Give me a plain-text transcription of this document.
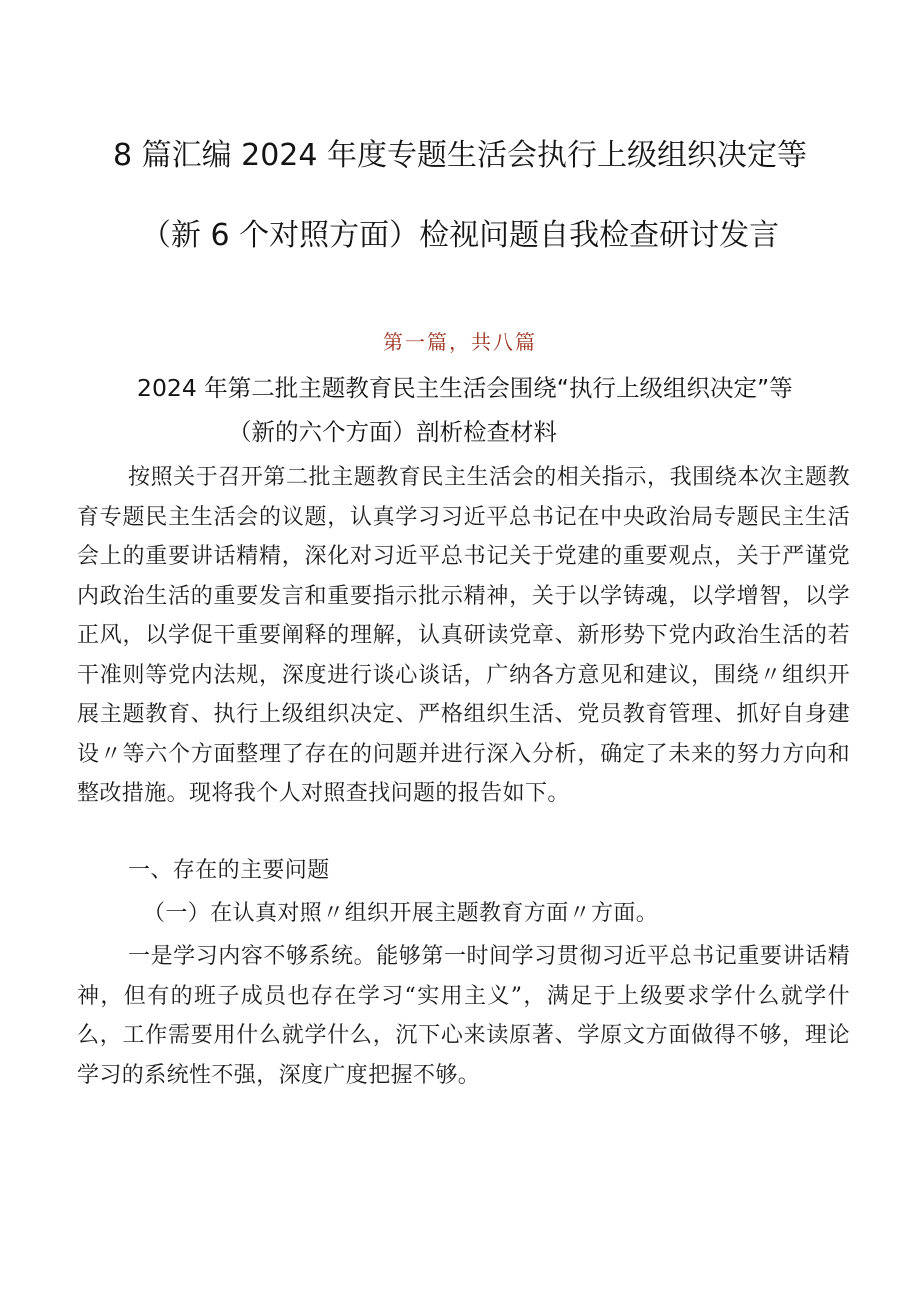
8 篇汇编 2024 年度专题生活会执行上级组织决定等
（新 6 个对照方面）检视问题自我检查研讨发言
第一篇，共八篇
2024 年第二批主题教育民主生活会围绕“执行上级组织决定”等
（新的六个方面）剖析检查材料

按照关于召开第二批主题教育民主生活会的相关指示，我围绕本次主题教育专题民主生活会的议题，认真学习习近平总书记在中央政治局专题民主生活会上的重要讲话精精，深化对习近平总书记关于党建的重要观点，关于严谨党内政治生活的重要发言和重要指示批示精神，关于以学铸魂，以学增智，以学正风，以学促干重要阐释的理解，认真研读党章、新形势下党内政治生活的若干准则等党内法规，深度进行谈心谈话，广纳各方意见和建议，围绕〃组织开展主题教育、执行上级组织决定、严格组织生活、党员教育管理、抓好自身建设〃等六个方面整理了存在的问题并进行深入分析，确定了未来的努力方向和整改措施。现将我个人对照查找问题的报告如下。

一、存在的主要问题

（一）在认真对照〃组织开展主题教育方面〃方面。

一是学习内容不够系统。能够第一时间学习贯彻习近平总书记重要讲话精神，但有的班子成员也存在学习“实用主义”，满足于上级要求学什么就学什么，工作需要用什么就学什么，沉下心来读原著、学原文方面做得不够，理论学习的系统性不强，深度广度把握不够。
